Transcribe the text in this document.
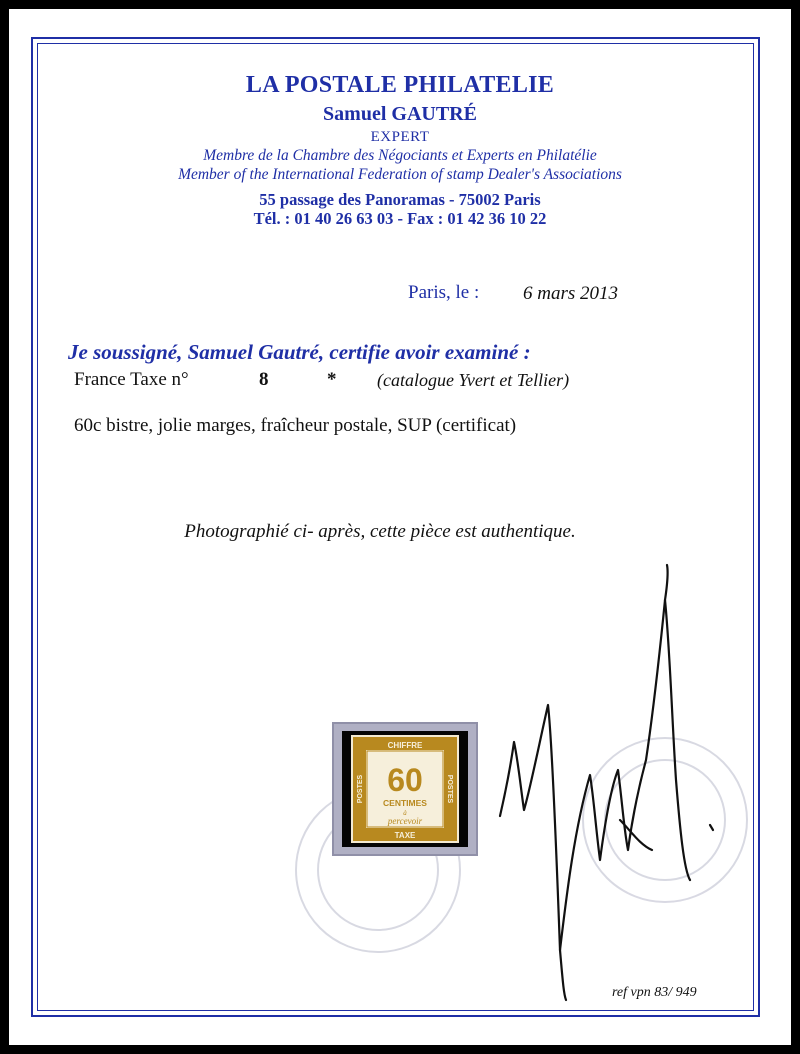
LA POSTALE PHILATELIE
Samuel GAUTRÉ
EXPERT
Membre de la Chambre des Négociants et Experts en Philatélie
Member of the International Federation of stamp Dealer's Associations
55 passage des Panoramas - 75002 Paris
Tél. : 01 40 26 63 03 - Fax : 01 42 36 10 22
Paris, le : 6 mars 2013
Je soussigné, Samuel Gautré, certifie avoir examiné :
France Taxe n°	8	* (catalogue Yvert et Tellier)
60c bistre, jolie marges, fraîcheur postale, SUP (certificat)
Photographié ci- après, cette pièce est authentique.
CHIFFRE
TAXE
POSTES	POSTES
60
CENTIMES
à
percevoir
ref vpn 83/ 949
